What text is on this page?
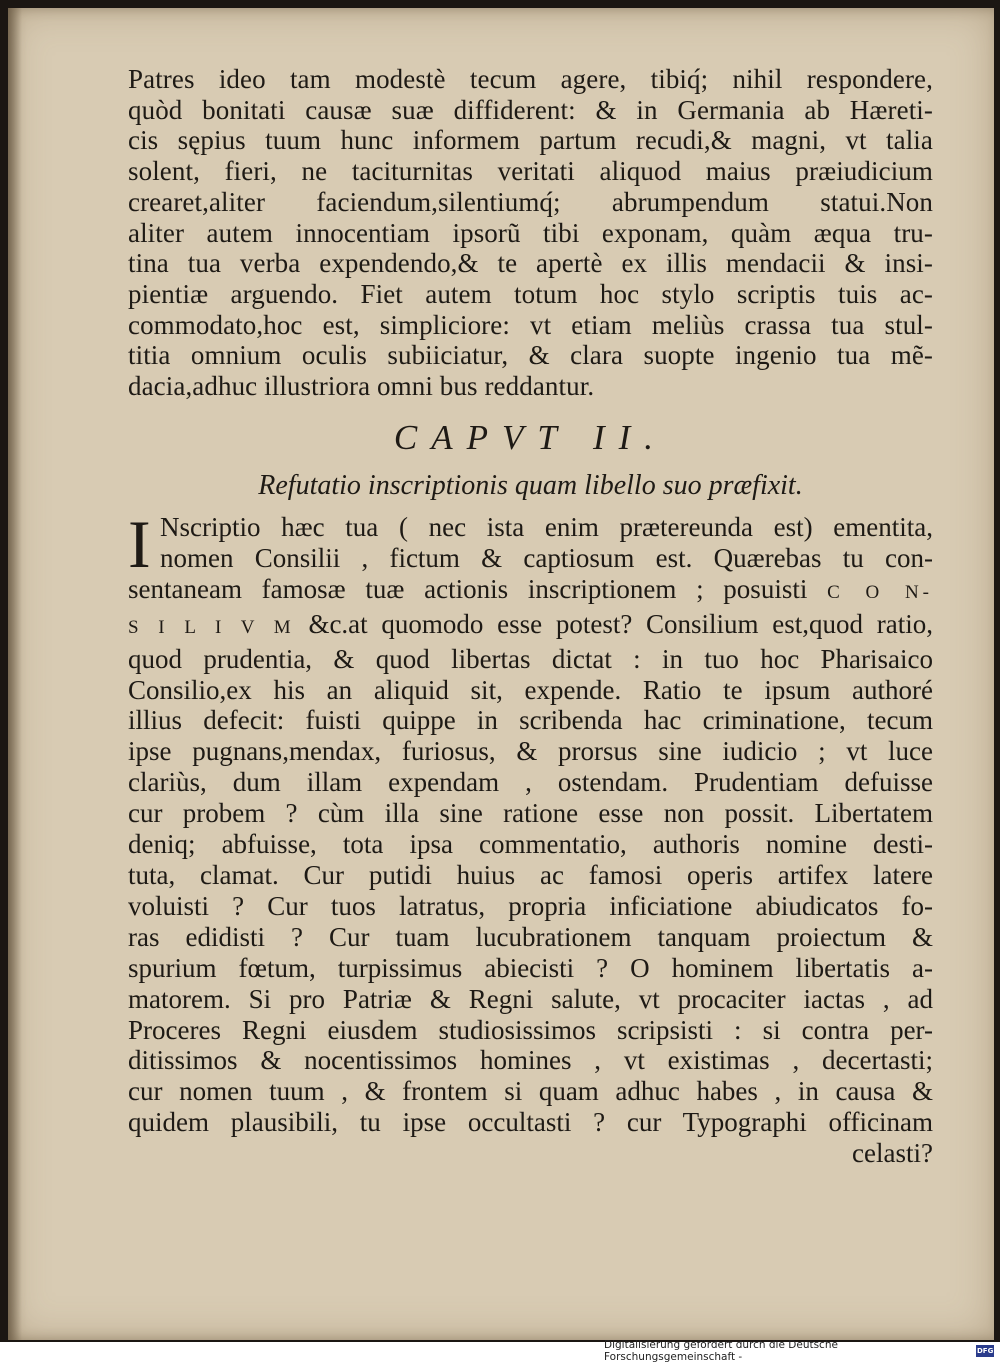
Patres ideo tam modestè tecum agere, tibiq́; nihil respondere,
quòd bonitati causæ suæ diffiderent: & in Germania ab Hæreti-
cis sępius tuum hunc informem partum recudi,& magni, vt talia
solent, fieri, ne taciturnitas veritati aliquod maius præiudicium
crearet,aliter faciendum,silentiumq́; abrumpendum statui.Non
aliter autem innocentiam ipsorũ tibi exponam, quàm æqua tru-
tina tua verba expendendo,& te apertè ex illis mendacii & insi-
pientiæ arguendo. Fiet autem totum hoc stylo scriptis tuis ac-
commodato,hoc est, simpliciore: vt etiam meliùs crassa tua stul-
titia omnium oculis subiiciatur, & clara suopte ingenio tua mẽ-
dacia,adhuc illustriora omni bus reddantur.
CAPVT II.
Refutatio inscriptionis quam libello suo præfixit.
I Nscriptio hæc tua ( nec ista enim prætereunda est) ementita,
nomen Consilii , fictum & captiosum est. Quærebas tu con-
sentaneam famosæ tuæ actionis inscriptionem ; posuisti C O N-
S I L I V M &c.at quomodo esse potest? Consilium est,quod ratio,
quod prudentia, & quod libertas dictat : in tuo hoc Pharisaico
Consilio,ex his an aliquid sit, expende. Ratio te ipsum authoré
illius defecit: fuisti quippe in scribenda hac criminatione, tecum
ipse pugnans,mendax, furiosus, & prorsus sine iudicio ; vt luce
clariùs, dum illam expendam , ostendam. Prudentiam defuisse
cur probem ? cùm illa sine ratione esse non possit. Libertatem
deniq; abfuisse, tota ipsa commentatio, authoris nomine desti-
tuta, clamat. Cur putidi huius ac famosi operis artifex latere
voluisti ? Cur tuos latratus, propria inficiatione abiudicatos fo-
ras edidisti ? Cur tuam lucubrationem tanquam proiectum &
spurium fœtum, turpissimus abiecisti ? O hominem libertatis a-
matorem. Si pro Patriæ & Regni salute, vt procaciter iactas , ad
Proceres Regni eiusdem studiosissimos scripsisti : si contra per-
ditissimos & nocentissimos homines , vt existimas , decertasti;
cur nomen tuum , & frontem si quam adhuc habes , in causa &
quidem plausibili, tu ipse occultasti ? cur Typographi officinam
celasti?
Digitalisierung gefördert durch die Deutsche Forschungsgemeinschaft -	DFG
